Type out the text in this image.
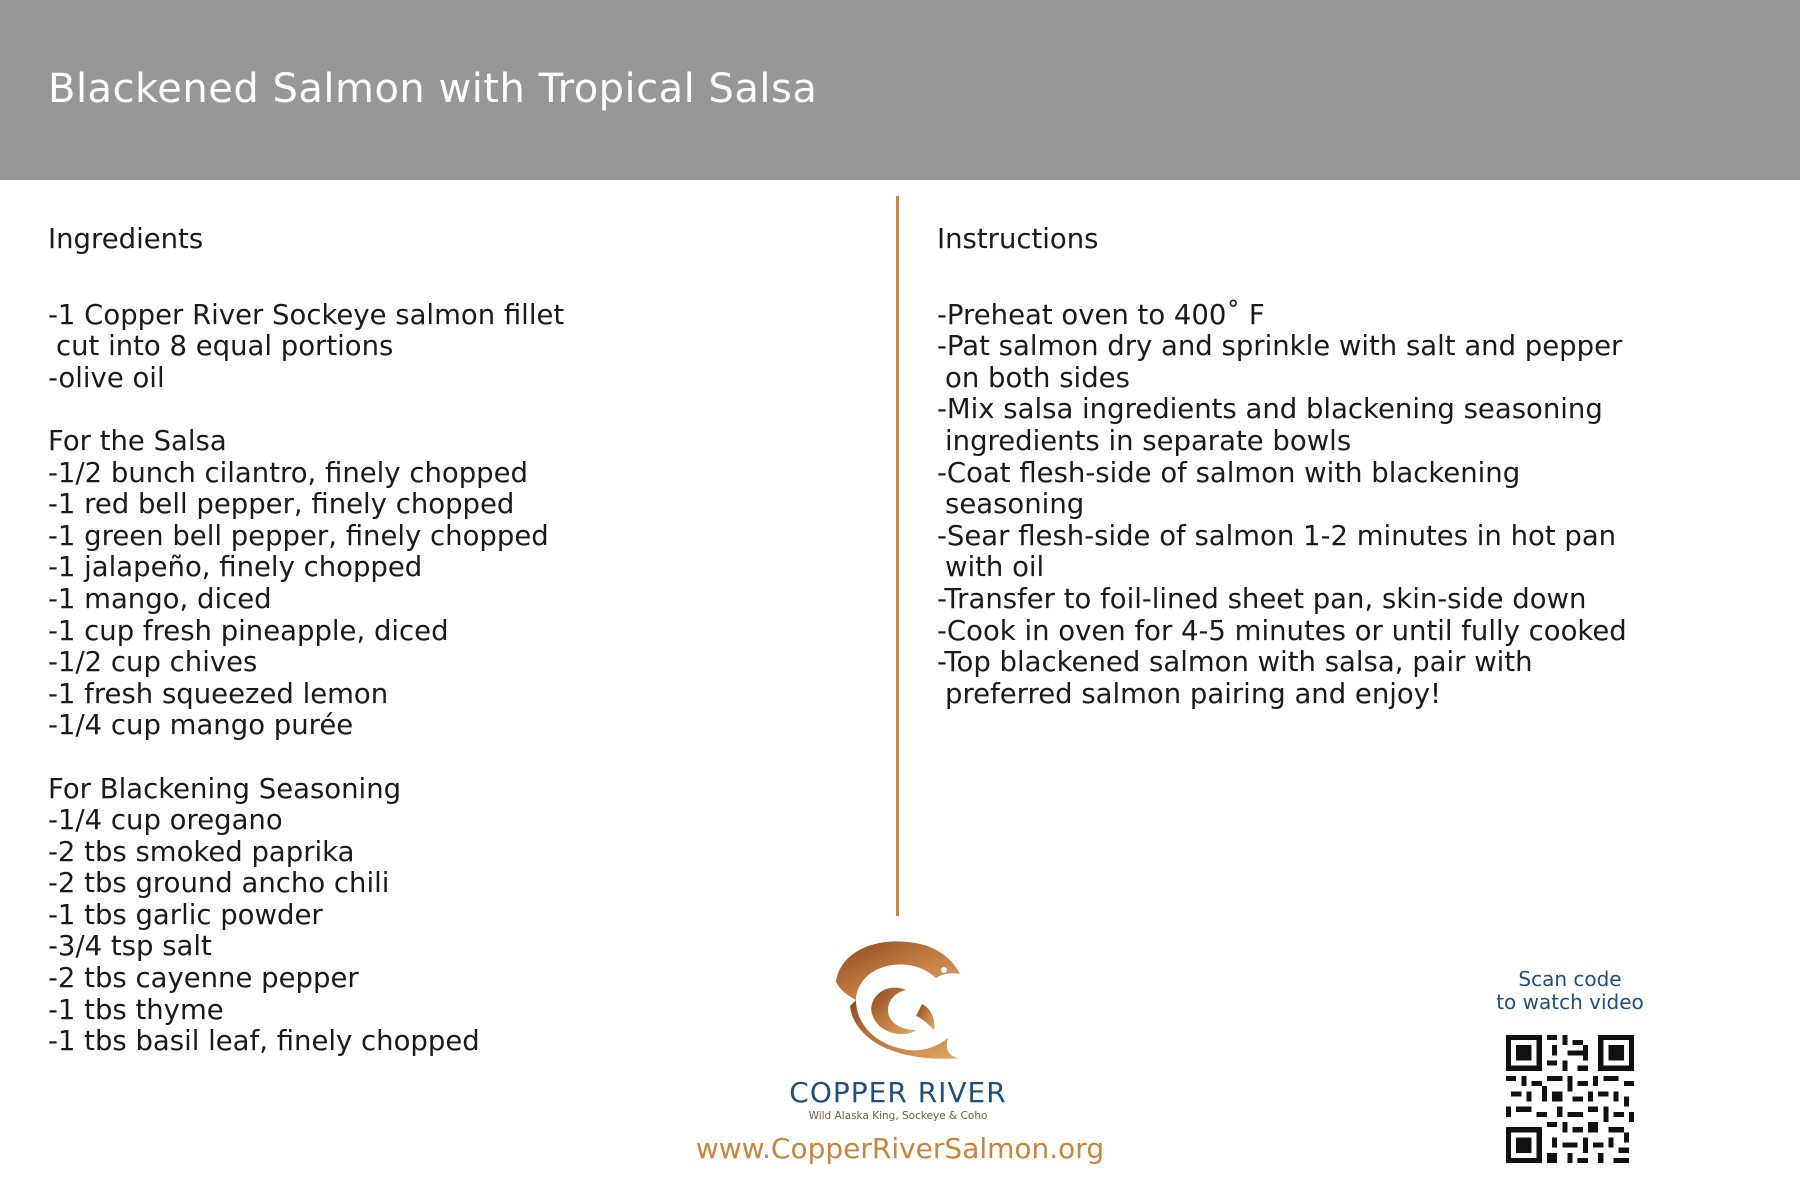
Blackened Salmon with Tropical Salsa
Ingredients
-1 Copper River Sockeye salmon fillet
cut into 8 equal portions
-olive oil
For the Salsa
-1/2 bunch cilantro, finely chopped
-1 red bell pepper, finely chopped
-1 green bell pepper, finely chopped
-1 jalapeño, finely chopped
-1 mango, diced
-1 cup fresh pineapple, diced
-1/2 cup chives
-1 fresh squeezed lemon
-1/4 cup mango purée
For Blackening Seasoning
-1/4 cup oregano
-2 tbs smoked paprika
-2 tbs ground ancho chili
-1 tbs garlic powder
-3/4 tsp salt
-2 tbs cayenne pepper
-1 tbs thyme
-1 tbs basil leaf, finely chopped
Instructions
-Preheat oven to 400˚ F
-Pat salmon dry and sprinkle with salt and pepper
on both sides
-Mix salsa ingredients and blackening seasoning
ingredients in separate bowls
-Coat flesh-side of salmon with blackening
seasoning
-Sear flesh-side of salmon 1-2 minutes in hot pan
with oil
-Transfer to foil-lined sheet pan, skin-side down
-Cook in oven for 4-5 minutes or until fully cooked
-Top blackened salmon with salsa, pair with
preferred salmon pairing and enjoy!
COPPER RIVER
Wild Alaska King, Sockeye & Coho
www.CopperRiverSalmon.org
Scan code
to watch video
